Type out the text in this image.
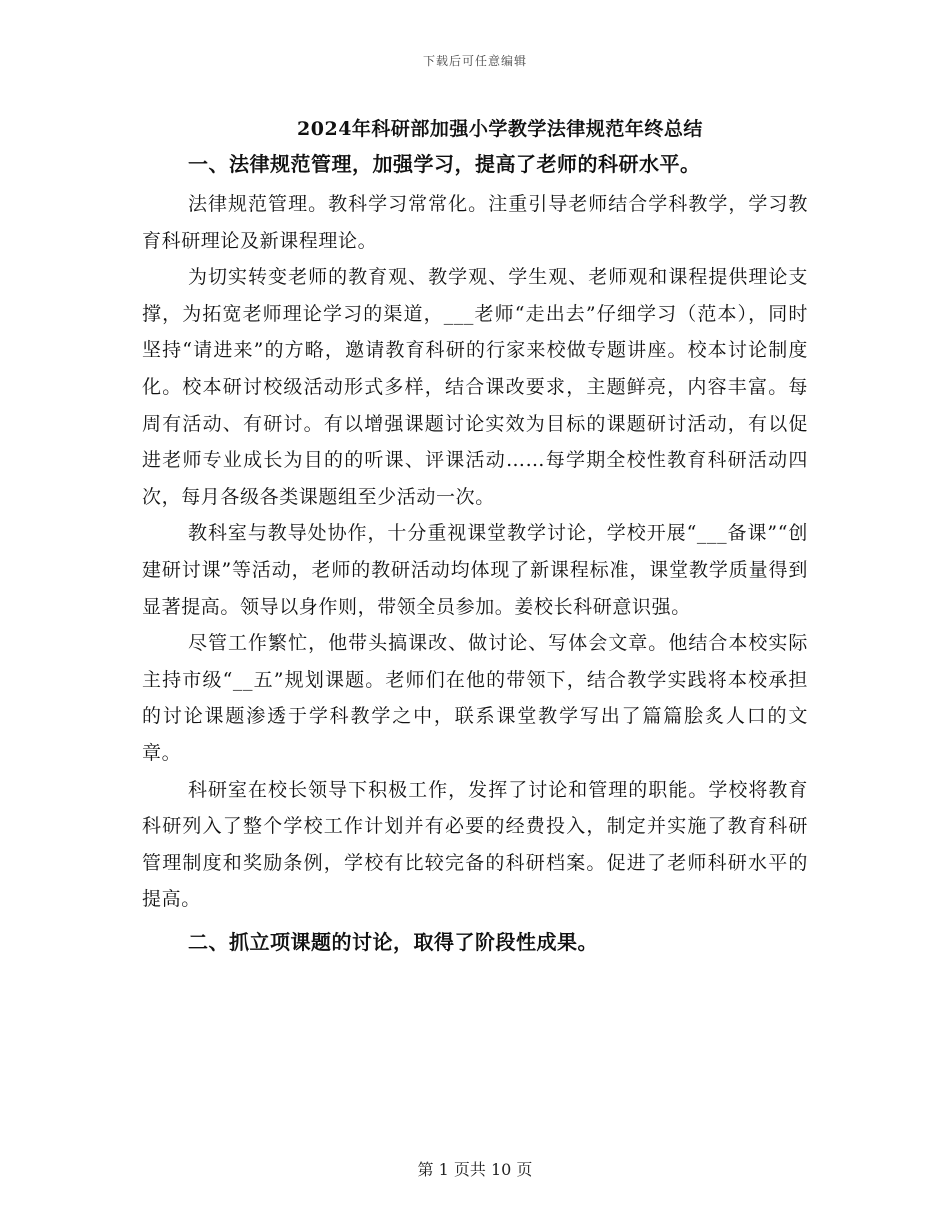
下载后可任意编辑
2024年科研部加强小学教学法律规范年终总结

一、法律规范管理，加强学习，提高了老师的科研水平。

法律规范管理。教科学习常常化。注重引导老师结合学科教学，学习教育科研理论及新课程理论。

为切实转变老师的教育观、教学观、学生观、老师观和课程提供理论支撑，为拓宽老师理论学习的渠道，___老师“走出去”仔细学习（范本），同时坚持“请进来”的方略，邀请教育科研的行家来校做专题讲座。校本讨论制度化。校本研讨校级活动形式多样，结合课改要求，主题鲜亮，内容丰富。每周有活动、有研讨。有以增强课题讨论实效为目标的课题研讨活动，有以促进老师专业成长为目的的听课、评课活动……每学期全校性教育科研活动四次，每月各级各类课题组至少活动一次。

教科室与教导处协作，十分重视课堂教学讨论，学校开展“___备课”“创建研讨课”等活动，老师的教研活动均体现了新课程标准，课堂教学质量得到显著提高。领导以身作则，带领全员参加。姜校长科研意识强。

尽管工作繁忙，他带头搞课改、做讨论、写体会文章。他结合本校实际主持市级“__五”规划课题。老师们在他的带领下，结合教学实践将本校承担的讨论课题渗透于学科教学之中，联系课堂教学写出了篇篇脍炙人口的文章。

科研室在校长领导下积极工作，发挥了讨论和管理的职能。学校将教育科研列入了整个学校工作计划并有必要的经费投入，制定并实施了教育科研管理制度和奖励条例，学校有比较完备的科研档案。促进了老师科研水平的提高。

二、抓立项课题的讨论，取得了阶段性成果。

第 1 页共 10 页
